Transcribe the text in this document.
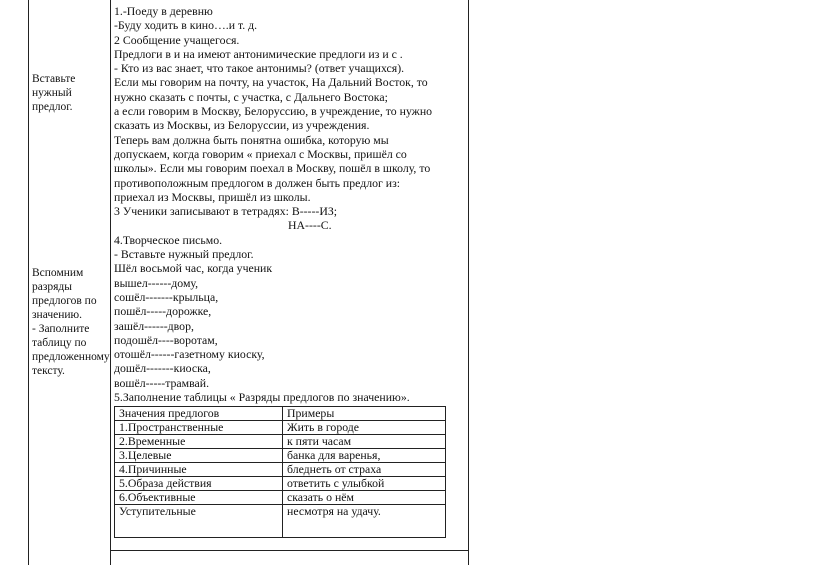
Вставьте нужный предлог.
Вспомним разряды предлогов по значению.
- Заполните таблицу по предложенному тексту.
1.-Поеду в деревню
-Буду ходить в кино….и т. д.
2 Сообщение учащегося.
Предлоги в и на имеют антонимические предлоги из и с .
- Кто из вас знает, что такое антонимы? (ответ учащихся).
Если мы говорим на почту, на участок, На Дальний Восток, то
нужно сказать с почты, с участка, с Дальнего Востока;
а если говорим в Москву, Белоруссию, в учреждение, то нужно
сказать из Москвы, из Белоруссии, из учреждения.
Теперь вам должна быть понятна ошибка, которую мы
допускаем, когда говорим « приехал с Москвы, пришёл со
школы». Если мы говорим поехал в Москву, пошёл в школу, то
противоположным предлогом в должен быть предлог из:
приехал из Москвы, пришёл из школы.
3 Ученики записывают в тетрадях: В-----ИЗ;
НА----С.
4.Творческое письмо.
- Вставьте нужный предлог.
Шёл восьмой час, когда ученик
вышел------дому,
сошёл-------крыльца,
пошёл-----дорожке,
зашёл------двор,
подошёл----воротам,
отошёл------газетному киоску,
дошёл-------киоска,
вошёл-----трамвай.
5.Заполнение таблицы « Разряды предлогов по значению».
Значения предлогов	Примеры
1.Пространственные	Жить в городе
2.Временные	к пяти часам
3.Целевые	банка для варенья,
4.Причинные	бледнеть от страха
5.Образа действия	ответить с улыбкой
6.Объективные	сказать о нём
Уступительные	несмотря на удачу.
